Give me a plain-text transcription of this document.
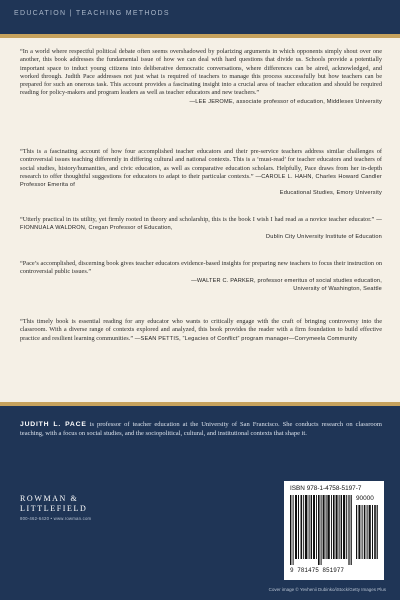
EDUCATION | TEACHING METHODS

“In a world where respectful political debate often seems overshadowed by polarizing arguments in which opponents simply shout over one another, this book addresses the fundamental issue of how we can deal with hard questions that divide us. Schools provide a potentially important space to induct young citizens into deliberative democratic conversations, where differences can be aired, acknowledged, and worked through. Judith Pace addresses not just what is required of teachers to manage this process successfully but how teachers can be prepared for such an onerous task. This account provides a fascinating insight into a crucial area of teacher education and should be required reading for policy-makers and program leaders as well as teacher educators and new teachers.”

—LEE JEROME, associate professor of education, Middlesex University

“This is a fascinating account of how four accomplished teacher educators and their pre-service teachers address similar challenges of controversial issues teaching differently in differing cultural and national contexts. This is a ‘must-read’ for teacher educators and teachers of social studies, history/humanities, and civic education, as well as comparative education scholars. Helpfully, Pace draws from her in-depth research to offer thoughtful suggestions for educators to adapt to their particular contexts.” —CAROLE L. HAHN, Charles Howard Candler Professor Emerita of

Educational Studies, Emory University

“Utterly practical in its utility, yet firmly rooted in theory and scholarship, this is the book I wish I had read as a novice teacher educator.” —FIONNUALA WALDRON, Cregan Professor of Education,

Dublin City University Institute of Education

“Pace’s accomplished, discerning book gives teacher educators evidence-based insights for preparing new teachers to focus their instruction on controversial public issues.”

—WALTER C. PARKER, professor emeritus of social studies education,
University of Washington, Seattle

“This timely book is essential reading for any educator who wants to critically engage with the craft of bringing controversy into the classroom. With a diverse range of contexts explored and analyzed, this book provides the reader with a firm foundation to build effective practice and resilient learning communities.” —SEAN PETTIS, “Legacies of Conflict” program manager—Corrymeela Community

JUDITH L. PACE is professor of teacher education at the University of San Francisco. She conducts research on classroom teaching, with a focus on social studies, and the sociopolitical, cultural, and institutional contexts that shape it.
ROWMAN &
LITTLEFIELD
800-462-6420 • www.rowman.com
ISBN 978-1-4758-5197-7
90000
9 781475 851977
Cover image © Yevhenii Dubinko/iStock/Getty Images Plus
